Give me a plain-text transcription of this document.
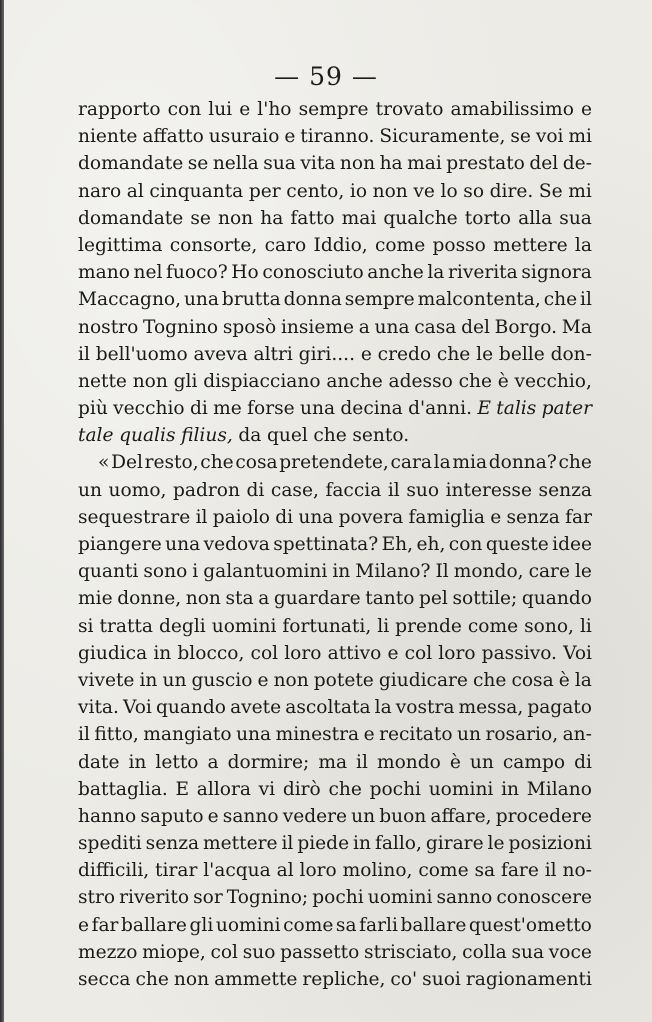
— 59 —
rapporto con lui e l'ho sempre trovato amabilissimo e
niente affatto usuraio e tiranno. Sicuramente, se voi mi
domandate se nella sua vita non ha mai prestato del de-
naro al cinquanta per cento, io non ve lo so dire. Se mi
domandate se non ha fatto mai qualche torto alla sua
legittima consorte, caro Iddio, come posso mettere la
mano nel fuoco? Ho conosciuto anche la riverita signora
Maccagno, una brutta donna sempre malcontenta, che il
nostro Tognino sposò insieme a una casa del Borgo. Ma
il bell'uomo aveva altri giri.... e credo che le belle don-
nette non gli dispiacciano anche adesso che è vecchio,
più vecchio di me forse una decina d'anni. E talis pater
tale qualis filius, da quel che sento.
« Del resto, che cosa pretendete, cara la mia donna? che
un uomo, padron di case, faccia il suo interesse senza
sequestrare il paiolo di una povera famiglia e senza far
piangere una vedova spettinata? Eh, eh, con queste idee
quanti sono i galantuomini in Milano? Il mondo, care le
mie donne, non sta a guardare tanto pel sottile; quando
si tratta degli uomini fortunati, li prende come sono, li
giudica in blocco, col loro attivo e col loro passivo. Voi
vivete in un guscio e non potete giudicare che cosa è la
vita. Voi quando avete ascoltata la vostra messa, pagato
il fitto, mangiato una minestra e recitato un rosario, an-
date in letto a dormire; ma il mondo è un campo di
battaglia. E allora vi dirò che pochi uomini in Milano
hanno saputo e sanno vedere un buon affare, procedere
spediti senza mettere il piede in fallo, girare le posizioni
difficili, tirar l'acqua al loro molino, come sa fare il no-
stro riverito sor Tognino; pochi uomini sanno conoscere
e far ballare gli uomini come sa farli ballare quest'ometto
mezzo miope, col suo passetto strisciato, colla sua voce
secca che non ammette repliche, co' suoi ragionamenti
